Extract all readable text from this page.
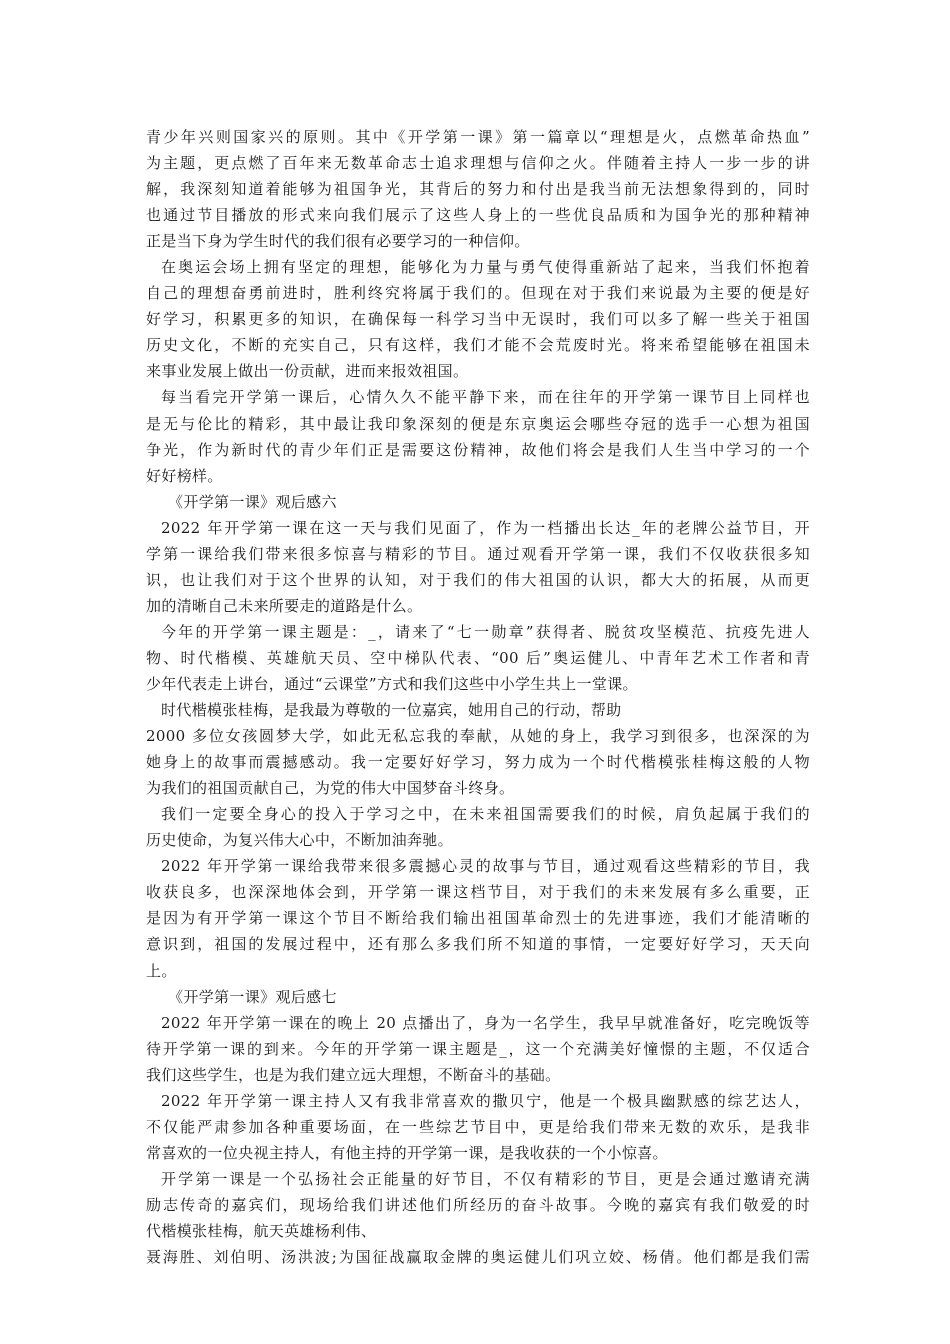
青少年兴则国家兴的原则。其中《开学第一课》第一篇章以“理想是火，点燃革命热血”
为主题，更点燃了百年来无数革命志士追求理想与信仰之火。伴随着主持人一步一步的讲
解，我深刻知道着能够为祖国争光，其背后的努力和付出是我当前无法想象得到的，同时
也通过节目播放的形式来向我们展示了这些人身上的一些优良品质和为国争光的那种精神
正是当下身为学生时代的我们很有必要学习的一种信仰。
在奥运会场上拥有坚定的理想，能够化为力量与勇气使得重新站了起来，当我们怀抱着
自己的理想奋勇前进时，胜利终究将属于我们的。但现在对于我们来说最为主要的便是好
好学习，积累更多的知识，在确保每一科学习当中无误时，我们可以多了解一些关于祖国
历史文化，不断的充实自己，只有这样，我们才能不会荒废时光。将来希望能够在祖国未
来事业发展上做出一份贡献，进而来报效祖国。
每当看完开学第一课后，心情久久不能平静下来，而在往年的开学第一课节目上同样也
是无与伦比的精彩，其中最让我印象深刻的便是东京奥运会哪些夺冠的选手一心想为祖国
争光，作为新时代的青少年们正是需要这份精神，故他们将会是我们人生当中学习的一个
好好榜样。
《开学第一课》观后感六
2022 年开学第一课在这一天与我们见面了，作为一档播出长达_年的老牌公益节目，开
学第一课给我们带来很多惊喜与精彩的节目。通过观看开学第一课，我们不仅收获很多知
识，也让我们对于这个世界的认知，对于我们的伟大祖国的认识，都大大的拓展，从而更
加的清晰自己未来所要走的道路是什么。
今年的开学第一课主题是：_，请来了“七一勋章”获得者、脱贫攻坚模范、抗疫先进人
物、时代楷模、英雄航天员、空中梯队代表、“00 后”奥运健儿、中青年艺术工作者和青
少年代表走上讲台，通过“云课堂”方式和我们这些中小学生共上一堂课。
时代楷模张桂梅，是我最为尊敬的一位嘉宾，她用自己的行动，帮助
2000 多位女孩圆梦大学，如此无私忘我的奉献，从她的身上，我学习到很多，也深深的为
她身上的故事而震撼感动。我一定要好好学习，努力成为一个时代楷模张桂梅这般的人物
为我们的祖国贡献自己，为党的伟大中国梦奋斗终身。
我们一定要全身心的投入于学习之中，在未来祖国需要我们的时候，肩负起属于我们的
历史使命，为复兴伟大心中，不断加油奔驰。
2022 年开学第一课给我带来很多震撼心灵的故事与节目，通过观看这些精彩的节目，我
收获良多，也深深地体会到，开学第一课这档节目，对于我们的未来发展有多么重要，正
是因为有开学第一课这个节目不断给我们输出祖国革命烈士的先进事迹，我们才能清晰的
意识到，祖国的发展过程中，还有那么多我们所不知道的事情，一定要好好学习，天天向
上。
《开学第一课》观后感七
2022 年开学第一课在的晚上 20 点播出了，身为一名学生，我早早就准备好，吃完晚饭等
待开学第一课的到来。今年的开学第一课主题是_，这一个充满美好憧憬的主题，不仅适合
我们这些学生，也是为我们建立远大理想，不断奋斗的基础。
2022 年开学第一课主持人又有我非常喜欢的撒贝宁，他是一个极具幽默感的综艺达人，
不仅能严肃参加各种重要场面，在一些综艺节目中，更是给我们带来无数的欢乐，是我非
常喜欢的一位央视主持人，有他主持的开学第一课，是我收获的一个小惊喜。
开学第一课是一个弘扬社会正能量的好节目，不仅有精彩的节目，更是会通过邀请充满
励志传奇的嘉宾们，现场给我们讲述他们所经历的奋斗故事。今晚的嘉宾有我们敬爱的时
代楷模张桂梅，航天英雄杨利伟、
聂海胜、刘伯明、汤洪波;为国征战赢取金牌的奥运健儿们巩立姣、杨倩。他们都是我们需
